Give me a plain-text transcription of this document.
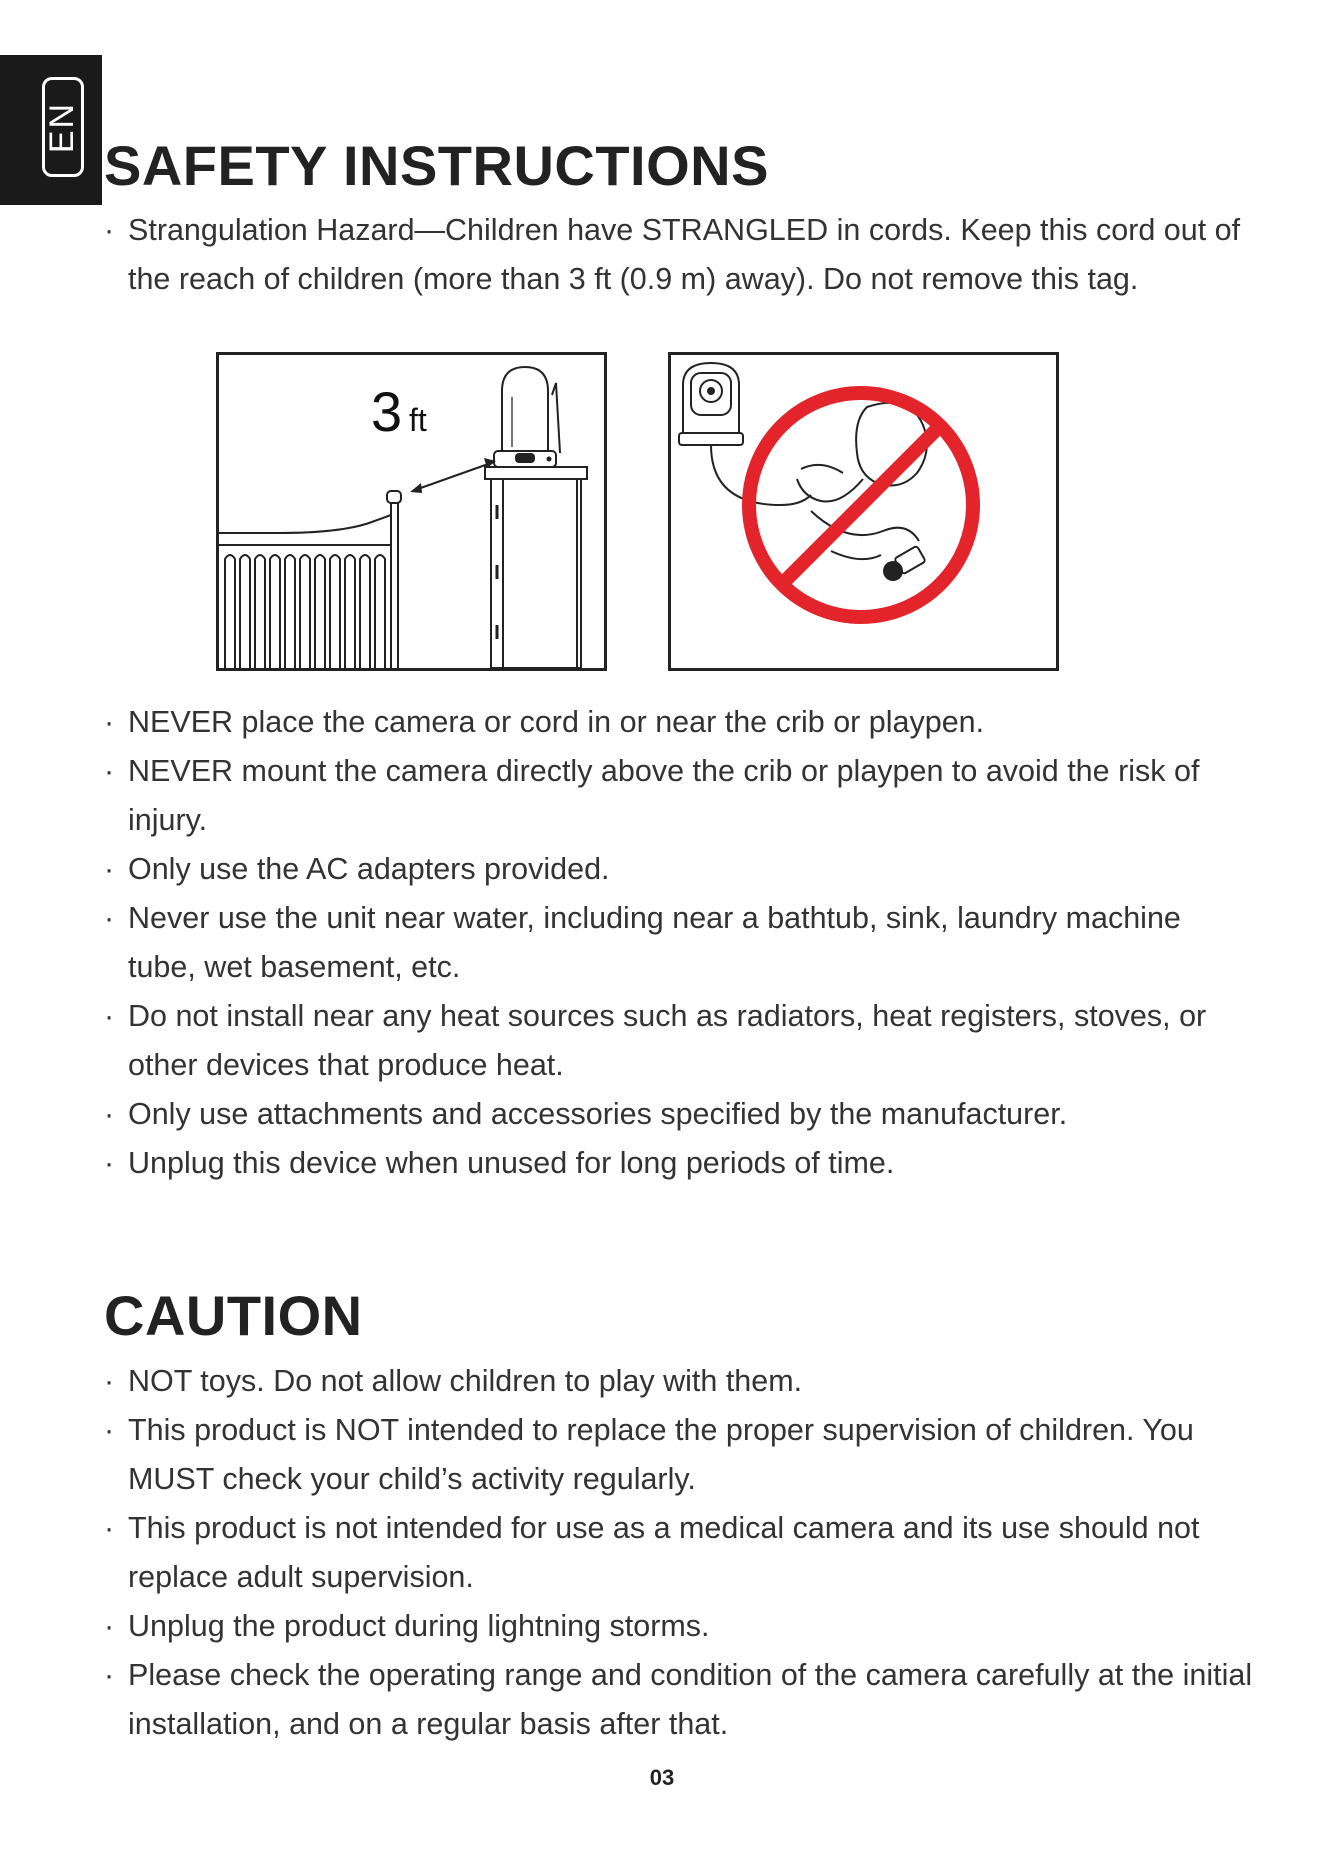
EN
SAFETY INSTRUCTIONS
· Strangulation Hazard—Children have STRANGLED in cords. Keep this cord out of the reach of children (more than 3 ft (0.9 m) away). Do not remove this tag.
3 ft
· NEVER place the camera or cord in or near the crib or playpen.
· NEVER mount the camera directly above the crib or playpen to avoid the risk of injury.
· Only use the AC adapters provided.
· Never use the unit near water, including near a bathtub, sink, laundry machine tube, wet basement, etc.
· Do not install near any heat sources such as radiators, heat registers, stoves, or other devices that produce heat.
· Only use attachments and accessories specified by the manufacturer.
· Unplug this device when unused for long periods of time.
CAUTION
· NOT toys. Do not allow children to play with them.
· This product is NOT intended to replace the proper supervision of children. You MUST check your child’s activity regularly.
· This product is not intended for use as a medical camera and its use should not replace adult supervision.
· Unplug the product during lightning storms.
· Please check the operating range and condition of the camera carefully at the initial installation, and on a regular basis after that.
03
